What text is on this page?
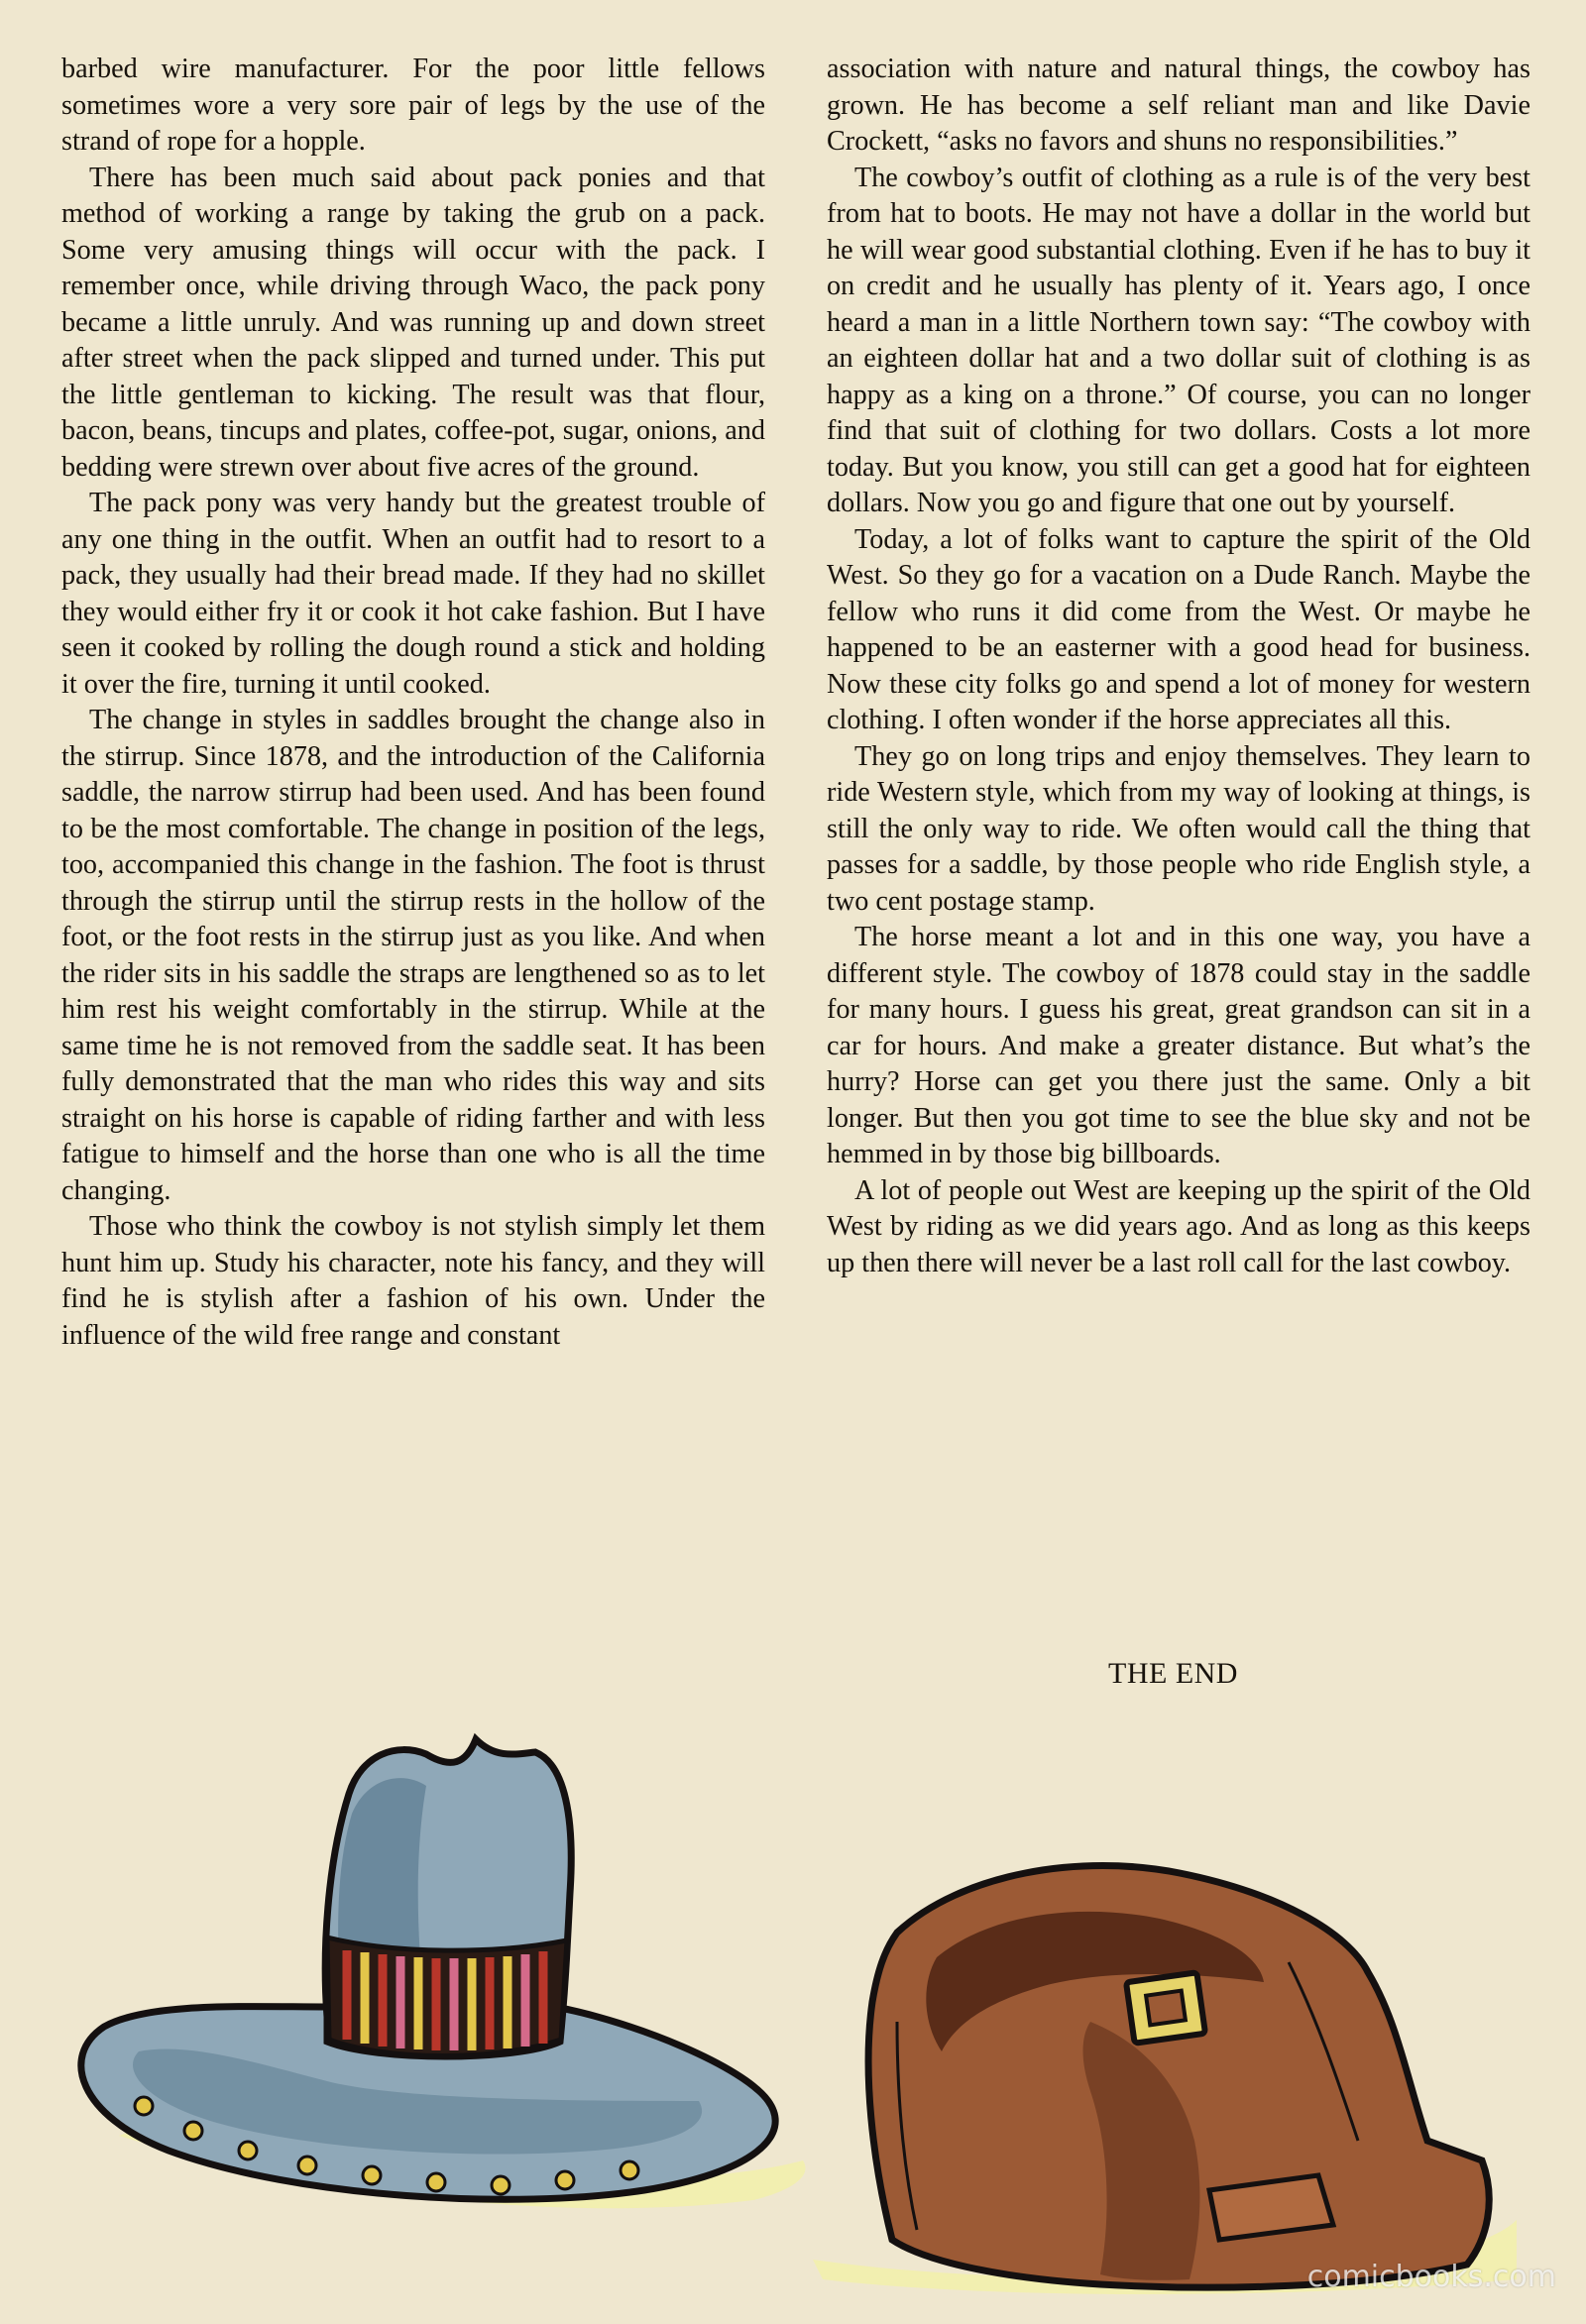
barbed wire manufacturer. For the poor little fellows sometimes wore a very sore pair of legs by the use of the strand of rope for a hopple.

There has been much said about pack ponies and that method of working a range by taking the grub on a pack. Some very amusing things will occur with the pack. I remember once, while driving through Waco, the pack pony became a little unruly. And was running up and down street after street when the pack slipped and turned under. This put the little gentleman to kicking. The result was that flour, bacon, beans, tincups and plates, coffee-pot, sugar, onions, and bedding were strewn over about five acres of the ground.

The pack pony was very handy but the greatest trouble of any one thing in the outfit. When an outfit had to resort to a pack, they usually had their bread made. If they had no skillet they would either fry it or cook it hot cake fashion. But I have seen it cooked by rolling the dough round a stick and holding it over the fire, turning it until cooked.

The change in styles in saddles brought the change also in the stirrup. Since 1878, and the introduction of the California saddle, the narrow stirrup had been used. And has been found to be the most comfortable. The change in position of the legs, too, accompanied this change in the fashion. The foot is thrust through the stirrup until the stirrup rests in the hollow of the foot, or the foot rests in the stirrup just as you like. And when the rider sits in his saddle the straps are lengthened so as to let him rest his weight comfortably in the stirrup. While at the same time he is not removed from the saddle seat. It has been fully demonstrated that the man who rides this way and sits straight on his horse is capable of riding farther and with less fatigue to himself and the horse than one who is all the time changing.

Those who think the cowboy is not stylish simply let them hunt him up. Study his character, note his fancy, and they will find he is stylish after a fashion of his own. Under the influence of the wild free range and constant

association with nature and natural things, the cowboy has grown. He has become a self reliant man and like Davie Crockett, “asks no favors and shuns no responsibilities.”

The cowboy’s outfit of clothing as a rule is of the very best from hat to boots. He may not have a dollar in the world but he will wear good substantial clothing. Even if he has to buy it on credit and he usually has plenty of it. Years ago, I once heard a man in a little Northern town say: “The cowboy with an eighteen dollar hat and a two dollar suit of clothing is as happy as a king on a throne.” Of course, you can no longer find that suit of clothing for two dollars. Costs a lot more today. But you know, you still can get a good hat for eighteen dollars. Now you go and figure that one out by yourself.

Today, a lot of folks want to capture the spirit of the Old West. So they go for a vacation on a Dude Ranch. Maybe the fellow who runs it did come from the West. Or maybe he happened to be an easterner with a good head for business. Now these city folks go and spend a lot of money for western clothing. I often wonder if the horse appreciates all this.

They go on long trips and enjoy themselves. They learn to ride Western style, which from my way of looking at things, is still the only way to ride. We often would call the thing that passes for a saddle, by those people who ride English style, a two cent postage stamp.

The horse meant a lot and in this one way, you have a different style. The cowboy of 1878 could stay in the saddle for many hours. I guess his great, great grandson can sit in a car for hours. And make a greater distance. But what’s the hurry? Horse can get you there just the same. Only a bit longer. But then you got time to see the blue sky and not be hemmed in by those big billboards.

A lot of people out West are keeping up the spirit of the Old West by riding as we did years ago. And as long as this keeps up then there will never be a last roll call for the last cowboy.

THE END
comicbooks.com
